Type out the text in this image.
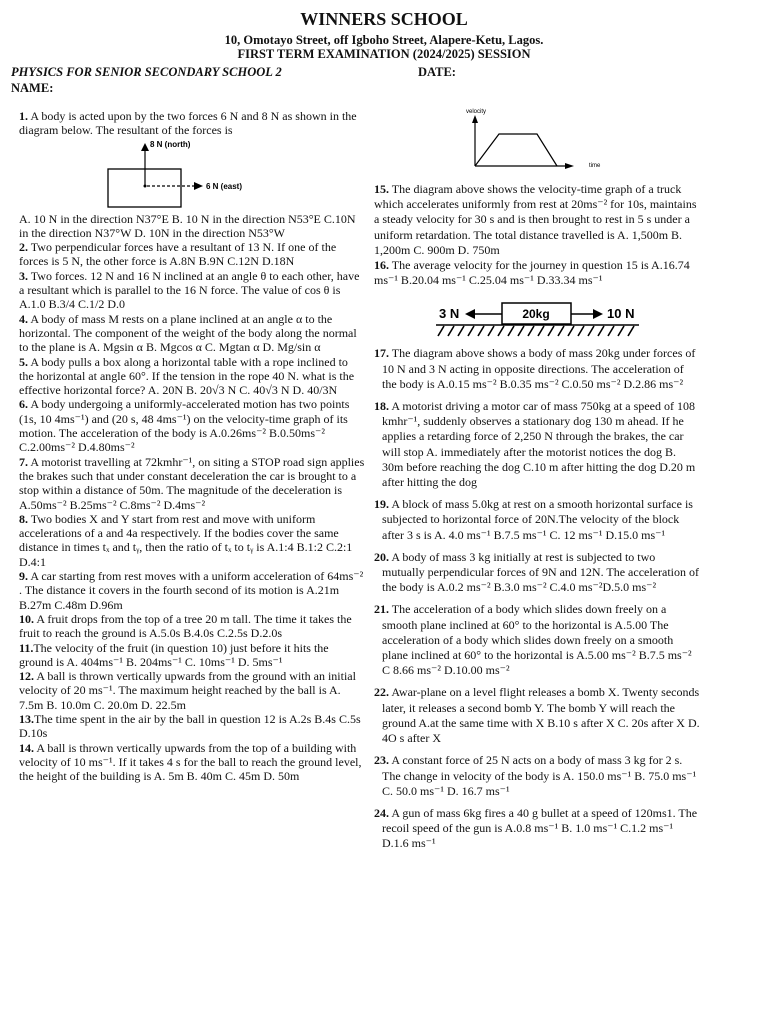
WINNERS SCHOOL
10, Omotayo Street, off Igboho Street, Alapere-Ketu, Lagos.
FIRST TERM EXAMINATION (2024/2025) SESSION
PHYSICS FOR SENIOR SECONDARY SCHOOL 2	DATE:
NAME:
1. A body is acted upon by the two forces 6 N and 8 N as shown in the diagram below. The resultant of the forces is
8 N (north)
6 N (east)
A. 10 N in the direction N37°E B. 10 N in the direction N53°E C.10N in the direction N37°W D. 10N in the direction N53°W
2. Two perpendicular forces have a resultant of 13 N. If one of the forces is 5 N, the other force is A.8N B.9N C.12N D.18N
3. Two forces. 12 N and 16 N inclined at an angle θ to each other, have a resultant which is parallel to the 16 N force. The value of cos θ is A.1.0 B.3/4 C.1/2 D.0
4. A body of mass M rests on a plane inclined at an angle α to the horizontal. The component of the weight of the body along the normal to the plane is A. Mgsin α B. Mgcos α C. Mgtan α D. Mg/sin α
5. A body pulls a box along a horizontal table with a rope inclined to the horizontal at angle 60°. If the tension in the rope 40 N. what is the effective horizontal force? A. 20N B. 20√3 N C. 40√3 N D. 40/3N
6. A body undergoing a uniformly-accelerated motion has two points (1s, 10 4ms⁻¹) and (20 s, 48 4ms⁻¹) on the velocity-time graph of its motion. The acceleration of the body is A.0.26ms⁻² B.0.50ms⁻² C.2.00ms⁻² D.4.80ms⁻²
7. A motorist travelling at 72kmhr⁻¹, on siting a STOP road sign applies the brakes such that under constant deceleration the car is brought to a stop within a distance of 50m. The magnitude of the deceleration is A.50ms⁻² B.25ms⁻² C.8ms⁻² D.4ms⁻²
8. Two bodies X and Y start from rest and move with uniform accelerations of a and 4a respectively. If the bodies cover the same distance in times tₓ and tᵧ, then the ratio of tₓ to tᵧ is A.1:4 B.1:2 C.2:1 D.4:1
9. A car starting from rest moves with a uniform acceleration of 64ms⁻² . The distance it covers in the fourth second of its motion is A.21m B.27m C.48m D.96m
10. A fruit drops from the top of a tree 20 m tall. The time it takes the fruit to reach the ground is A.5.0s B.4.0s C.2.5s D.2.0s
11.The velocity of the fruit (in question 10) just before it hits the ground is A. 404ms⁻¹ B. 204ms⁻¹ C. 10ms⁻¹ D. 5ms⁻¹
12. A ball is thrown vertically upwards from the ground with an initial velocity of 20 ms⁻¹. The maximum height reached by the ball is A. 7.5m B. 10.0m C. 20.0m D. 22.5m
13.The time spent in the air by the ball in question 12 is A.2s B.4s C.5s D.10s
14. A ball is thrown vertically upwards from the top of a building with velocity of 10 ms⁻¹. If it takes 4 s for the ball to reach the ground level, the height of the building is A. 5m B. 40m C. 45m D. 50m
velocity
time
15. The diagram above shows the velocity-time graph of a truck which accelerates uniformly from rest at 20ms⁻² for 10s, maintains a steady velocity for 30 s and is then brought to rest in 5 s under a uniform retardation. The total distance travelled is A. 1,500m B. 1,200m C. 900m D. 750m
16. The average velocity for the journey in question 15 is A.16.74 ms⁻¹ B.20.04 ms⁻¹ C.25.04 ms⁻¹ D.33.34 ms⁻¹
3 N	20kg	10 N
17. The diagram above shows a body of mass 20kg under forces of 10 N and 3 N acting in opposite directions. The acceleration of the body is A.0.15 ms⁻² B.0.35 ms⁻² C.0.50 ms⁻² D.2.86 ms⁻²
18. A motorist driving a motor car of mass 750kg at a speed of 108 kmhr⁻¹, suddenly observes a stationary dog 130 m ahead. If he applies a retarding force of 2,250 N through the brakes, the car will stop A. immediately after the motorist notices the dog B. 30m before reaching the dog C.10 m after hitting the dog D.20 m after hitting the dog
19. A block of mass 5.0kg at rest on a smooth horizontal surface is subjected to horizontal force of 20N.The velocity of the block after 3 s is A. 4.0 ms⁻¹ B.7.5 ms⁻¹ C. 12 ms⁻¹ D.15.0 ms⁻¹
20. A body of mass 3 kg initially at rest is subjected to two mutually perpendicular forces of 9N and 12N. The acceleration of the body is A.0.2 ms⁻² B.3.0 ms⁻² C.4.0 ms⁻²D.5.0 ms⁻²
21. The acceleration of a body which slides down freely on a smooth plane inclined at 60° to the horizontal is A.5.00 The acceleration of a body which slides down freely on a smooth plane inclined at 60° to the horizontal is A.5.00 ms⁻² B.7.5 ms⁻² C 8.66 ms⁻² D.10.00 ms⁻²
22. Awar-plane on a level flight releases a bomb X. Twenty seconds later, it releases a second bomb Y. The bomb Y will reach the ground A.at the same time with X B.10 s after X C. 20s after X D. 4O s after X
23. A constant force of 25 N acts on a body of mass 3 kg for 2 s. The change in velocity of the body is A. 150.0 ms⁻¹ B. 75.0 ms⁻¹ C. 50.0 ms⁻¹ D. 16.7 ms⁻¹
24. A gun of mass 6kg fires a 40 g bullet at a speed of 120ms1. The recoil speed of the gun is A.0.8 ms⁻¹ B. 1.0 ms⁻¹ C.1.2 ms⁻¹ D.1.6 ms⁻¹
